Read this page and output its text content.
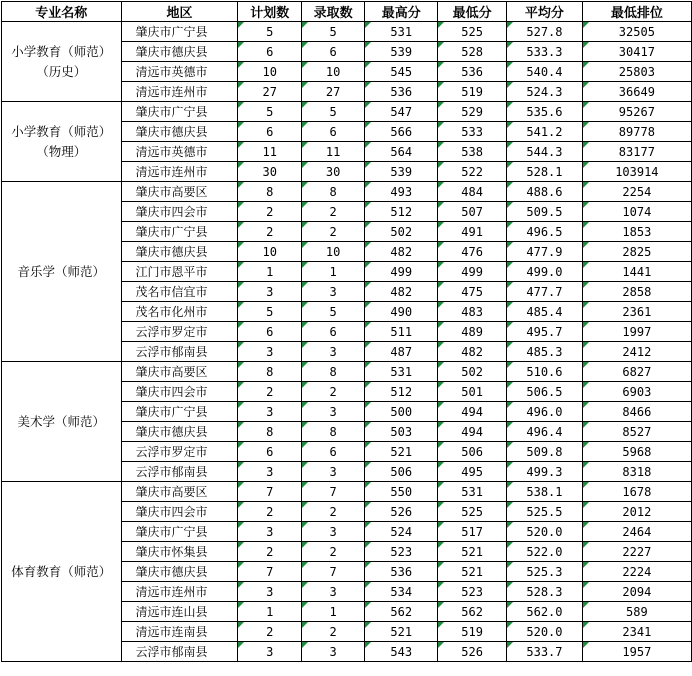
专业名称	地区	计划数	录取数	最高分	最低分	平均分	最低排位
小学教育（师范）（历史）	肇庆市广宁县	5	5	531	525	527.8	32505
	肇庆市德庆县	6	6	539	528	533.3	30417
	清远市英德市	10	10	545	536	540.4	25803
	清远市连州市	27	27	536	519	524.3	36649
小学教育（师范）（物理）	肇庆市广宁县	5	5	547	529	535.6	95267
	肇庆市德庆县	6	6	566	533	541.2	89778
	清远市英德市	11	11	564	538	544.3	83177
	清远市连州市	30	30	539	522	528.1	103914
音乐学（师范）	肇庆市高要区	8	8	493	484	488.6	2254
	肇庆市四会市	2	2	512	507	509.5	1074
	肇庆市广宁县	2	2	502	491	496.5	1853
	肇庆市德庆县	10	10	482	476	477.9	2825
	江门市恩平市	1	1	499	499	499.0	1441
	茂名市信宜市	3	3	482	475	477.7	2858
	茂名市化州市	5	5	490	483	485.4	2361
	云浮市罗定市	6	6	511	489	495.7	1997
	云浮市郁南县	3	3	487	482	485.3	2412
美术学（师范）	肇庆市高要区	8	8	531	502	510.6	6827
	肇庆市四会市	2	2	512	501	506.5	6903
	肇庆市广宁县	3	3	500	494	496.0	8466
	肇庆市德庆县	8	8	503	494	496.4	8527
	云浮市罗定市	6	6	521	506	509.8	5968
	云浮市郁南县	3	3	506	495	499.3	8318
体育教育（师范）	肇庆市高要区	7	7	550	531	538.1	1678
	肇庆市四会市	2	2	526	525	525.5	2012
	肇庆市广宁县	3	3	524	517	520.0	2464
	肇庆市怀集县	2	2	523	521	522.0	2227
	肇庆市德庆县	7	7	536	521	525.3	2224
	清远市连州市	3	3	534	523	528.3	2094
	清远市连山县	1	1	562	562	562.0	589
	清远市连南县	2	2	521	519	520.0	2341
	云浮市郁南县	3	3	543	526	533.7	1957
